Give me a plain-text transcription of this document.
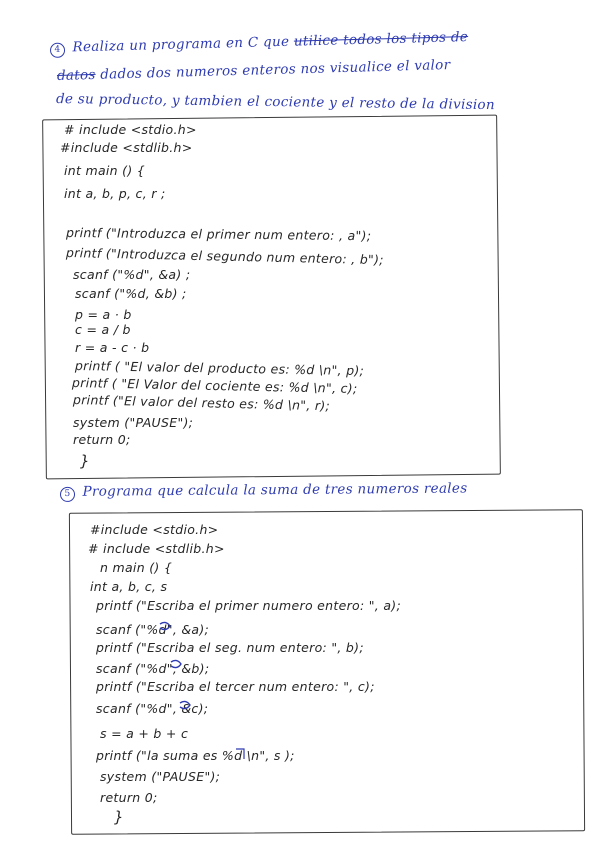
4 Realiza un programa en C que utilice todos los tipos de
datos dados dos numeros enteros nos visualice el valor
de su producto, y tambien el cociente y el resto de la division
# include <stdio.h>
#include <stdlib.h>
int main () {
int a, b, p, c, r ;
printf ("Introduzca el primer num entero: , a");
printf ("Introduzca el segundo num entero: , b");
scanf ("%d", &a) ;
scanf ("%d, &b) ;
p = a · b
c = a / b
r = a - c · b
printf ( "El valor del producto es: %d \n", p);
printf ( "El Valor del cociente es: %d \n", c);
printf ("El valor del resto es: %d \n", r);
system ("PAUSE");
return 0;
}
5 Programa que calcula la suma de tres numeros reales
#include <stdio.h>
# include <stdlib.h>
n main () {
int a, b, c, s
printf ("Escriba el primer numero entero: ", a);
scanf ("%d", &a);
printf ("Escriba el seg. num entero: ", b);
scanf ("%d", &b);
printf ("Escriba el tercer num entero: ", c);
scanf ("%d", &c);
s = a + b + c
printf ("la suma es %d \n", s );
system ("PAUSE");
return 0;
}
